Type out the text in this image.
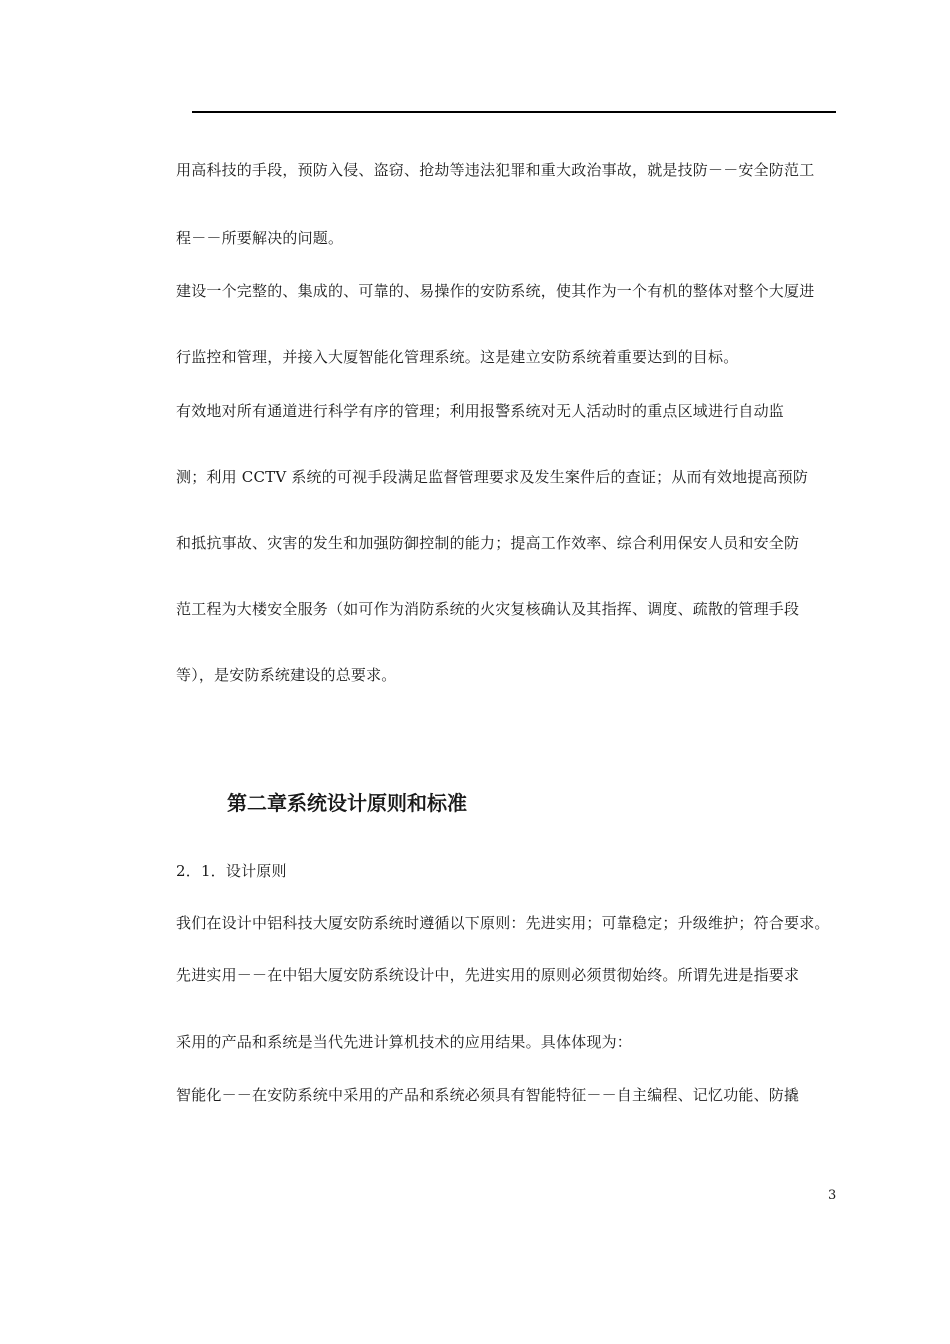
用高科技的手段，预防入侵、盗窃、抢劫等违法犯罪和重大政治事故，就是技防－－安全防范工
程－－所要解决的问题。
建设一个完整的、集成的、可靠的、易操作的安防系统，使其作为一个有机的整体对整个大厦进
行监控和管理，并接入大厦智能化管理系统。这是建立安防系统着重要达到的目标。
有效地对所有通道进行科学有序的管理；利用报警系统对无人活动时的重点区域进行自动监
测；利用 CCTV 系统的可视手段满足监督管理要求及发生案件后的查证；从而有效地提高预防
和抵抗事故、灾害的发生和加强防御控制的能力；提高工作效率、综合利用保安人员和安全防
范工程为大楼安全服务（如可作为消防系统的火灾复核确认及其指挥、调度、疏散的管理手段
等），是安防系统建设的总要求。
第二章系统设计原则和标准
2．1．设计原则
我们在设计中铝科技大厦安防系统时遵循以下原则：先进实用；可靠稳定；升级维护；符合要求。
先进实用－－在中铝大厦安防系统设计中，先进实用的原则必须贯彻始终。所谓先进是指要求
采用的产品和系统是当代先进计算机技术的应用结果。具体体现为：
智能化－－在安防系统中采用的产品和系统必须具有智能特征－－自主编程、记忆功能、防撬
3
